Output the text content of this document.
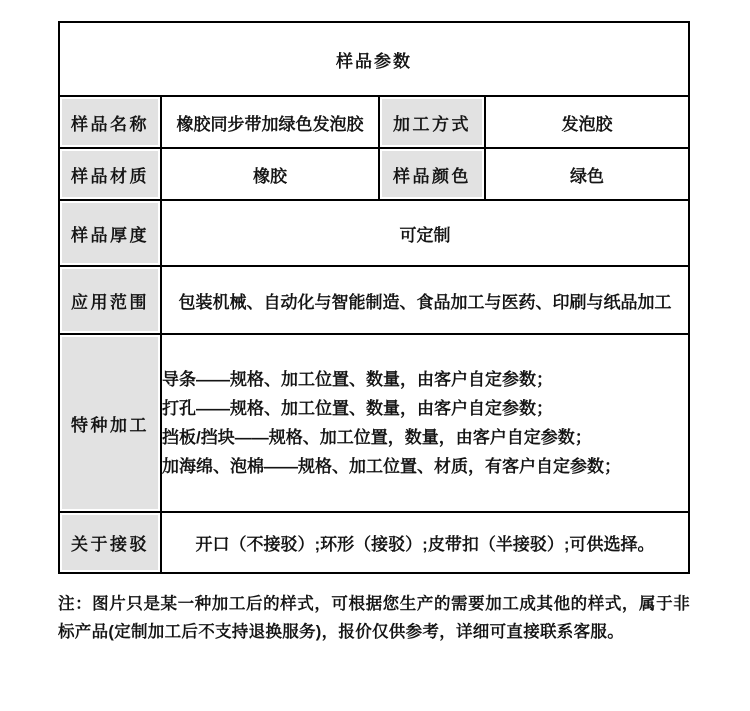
样品参数			
样品名称	橡胶同步带加绿色发泡胶	加工方式	发泡胶
样品材质	橡胶	样品颜色	绿色
样品厚度	可定制		
应用范围	包装机械、自动化与智能制造、食品加工与医药、印刷与纸品加工		
特种加工	导条——规格、加工位置、数量，由客户自定参数；
打孔——规格、加工位置、数量，由客户自定参数；
挡板/挡块——规格、加工位置，数量，由客户自定参数；
加海绵、泡棉——规格、加工位置、材质，有客户自定参数；		

关于接驳	开口（不接驳）;环形（接驳）;皮带扣（半接驳）;可供选择。		
注：图片只是某一种加工后的样式，可根据您生产的需要加工成其他的样式，属于非标产品(定制加工后不支持退换服务)，报价仅供参考，详细可直接联系客服。
